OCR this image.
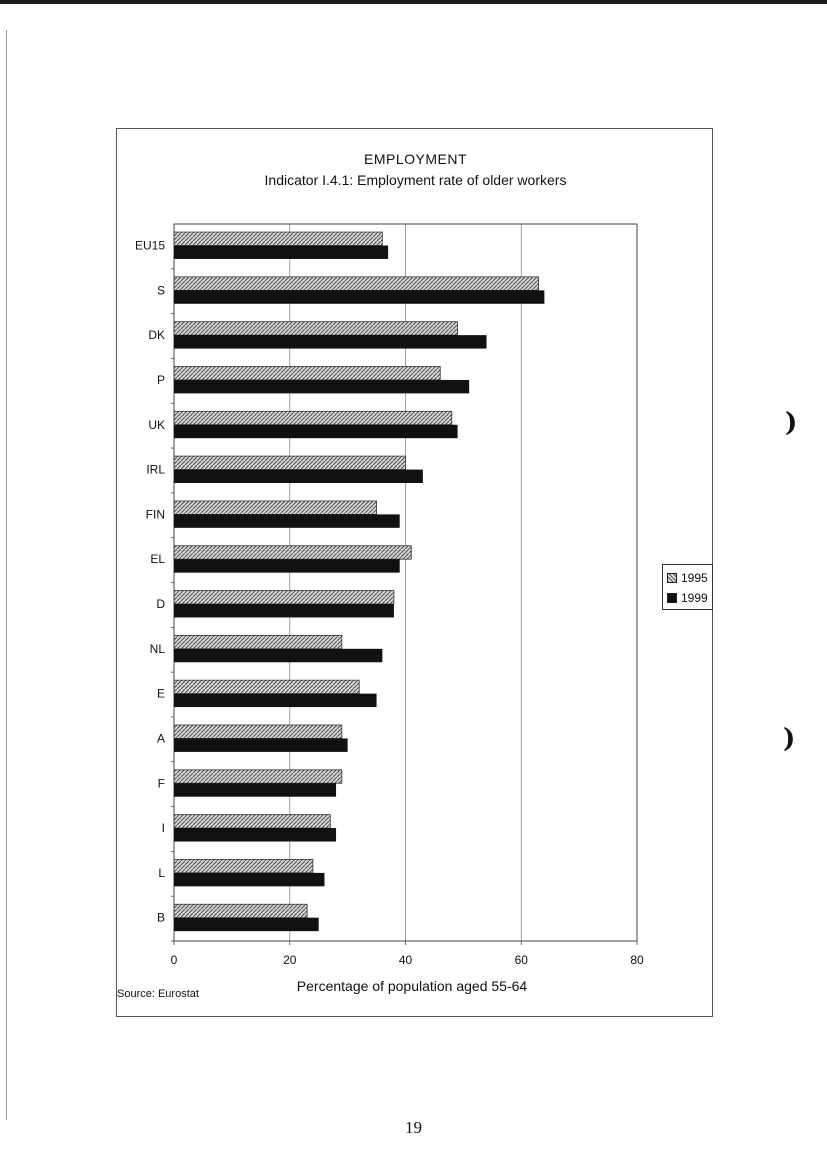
EMPLOYMENT
Indicator I.4.1: Employment rate of older workers
EU15
S
DK
P
UK
IRL
FIN
EL
D
NL
E
A
F
I
L
B
0	20	40	60	80
1995
1999
Percentage of population aged 55-64
Source: Eurostat
)
)
19
